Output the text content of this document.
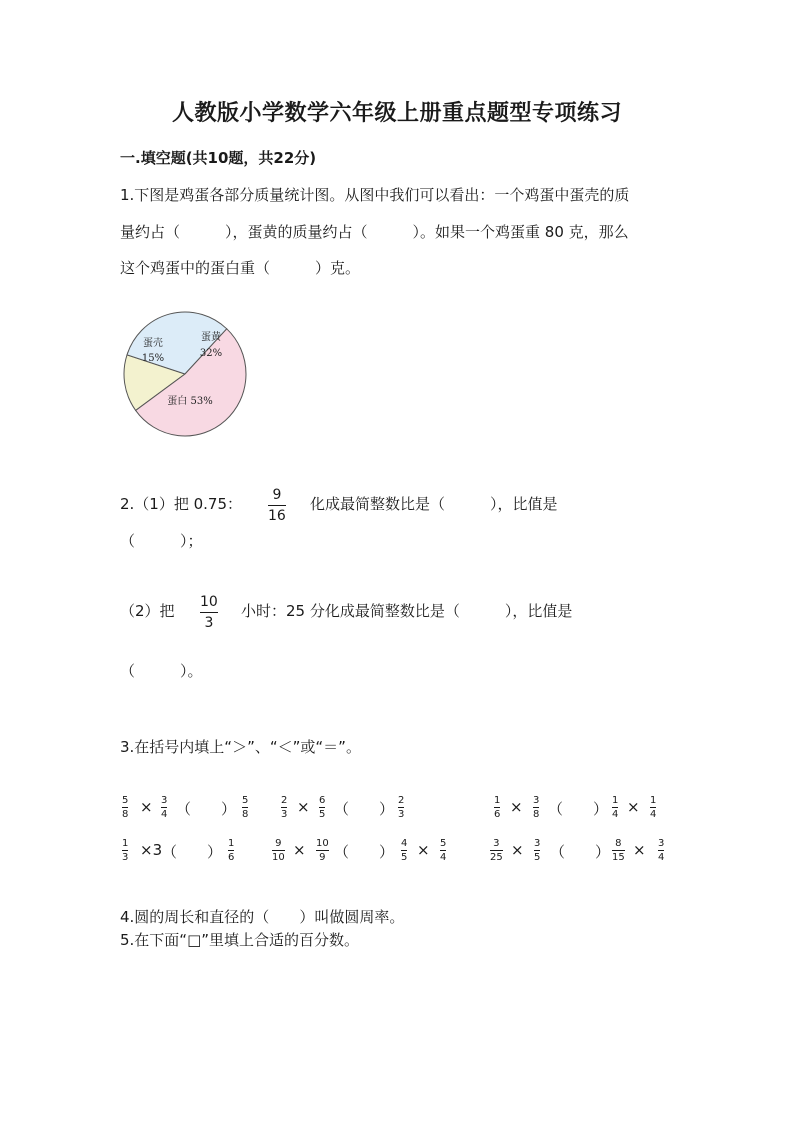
人教版小学数学六年级上册重点题型专项练习
一.填空题(共10题，共22分)
1.下图是鸡蛋各部分质量统计图。从图中我们可以看出：一个鸡蛋中蛋壳的质
量约占（　　　），蛋黄的质量约占（　　　）。如果一个鸡蛋重 80 克，那么
这个鸡蛋中的蛋白重（　　　）克。
蛋壳
15%
蛋黄
32%
蛋白 53%
2.（1）把 0.75： 9
16
化成最简整数比是（　　　），比值是
（　　　）；
（2）把 10
3
小时：25 分化成最简整数比是（　　　），比值是
（　　　）。
3.在括号内填上“＞”、“＜”或“＝”。
5
8 × 3
4 （　　） 5
8
2
3 × 6
5 （　　） 2
3
1
6 × 3
8 （　　） 1
4 × 1
4
1
3 ×3 （　　） 1
6
9
10 × 10
9 （　　） 4
5 × 5
4
3
25 × 3
5 （　　） 8
15 × 3
4
4.圆的周长和直径的（　　）叫做圆周率。
5.在下面“□”里填上合适的百分数。
